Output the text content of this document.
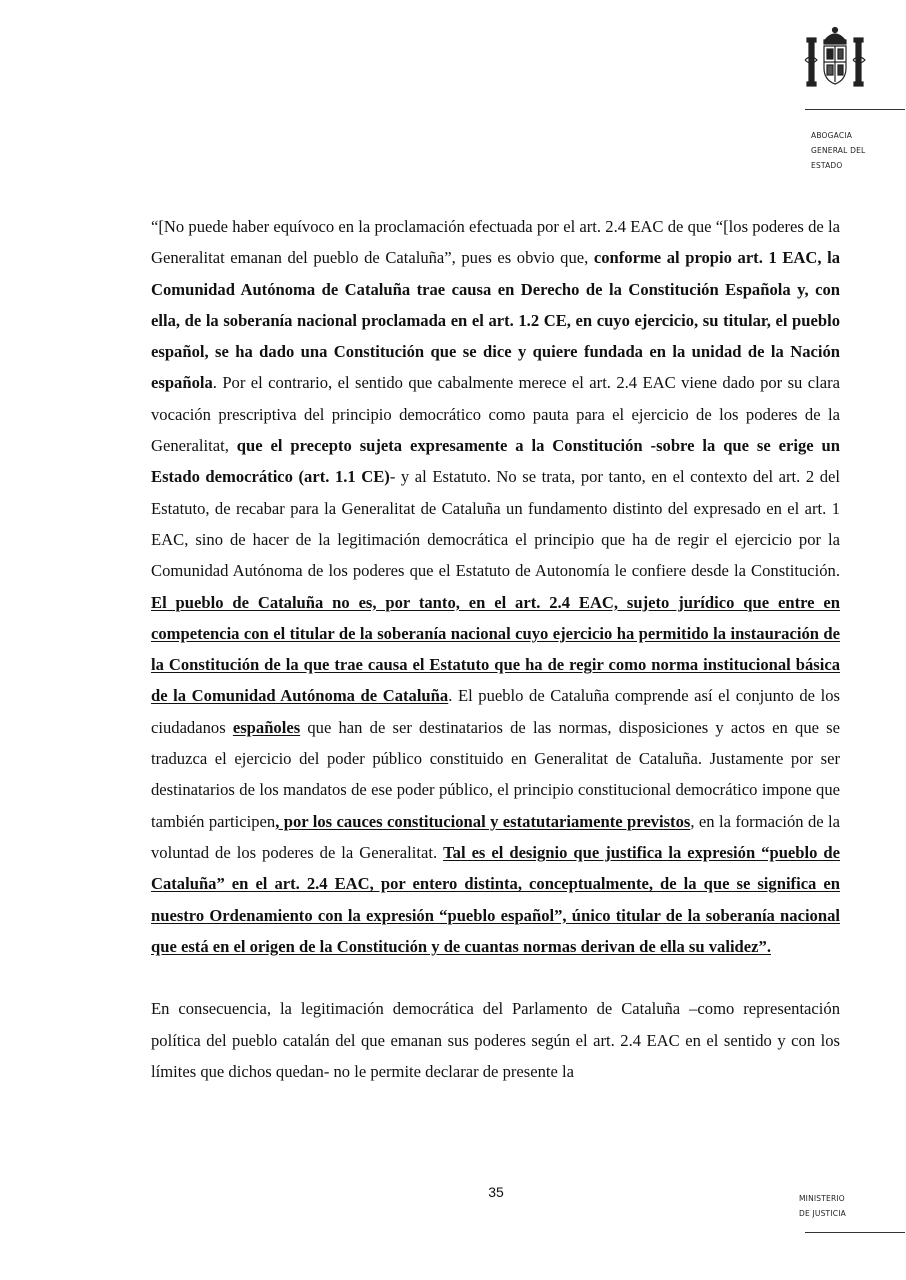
ABOGACIA
GENERAL DEL
ESTADO

“[No puede haber equívoco en la proclamación efectuada por el art. 2.4 EAC de que “[los poderes de la Generalitat emanan del pueblo de Cataluña”, pues es obvio que, conforme al propio art. 1 EAC, la Comunidad Autónoma de Cataluña trae causa en Derecho de la Constitución Española y, con ella, de la soberanía nacional proclamada en el art. 1.2 CE, en cuyo ejercicio, su titular, el pueblo español, se ha dado una Constitución que se dice y quiere fundada en la unidad de la Nación española. Por el contrario, el sentido que cabalmente merece el art. 2.4 EAC viene dado por su clara vocación prescriptiva del principio democrático como pauta para el ejercicio de los poderes de la Generalitat, que el precepto sujeta expresamente a la Constitución -sobre la que se erige un Estado democrático (art. 1.1 CE)- y al Estatuto. No se trata, por tanto, en el contexto del art. 2 del Estatuto, de recabar para la Generalitat de Cataluña un fundamento distinto del expresado en el art. 1 EAC, sino de hacer de la legitimación democrática el principio que ha de regir el ejercicio por la Comunidad Autónoma de los poderes que el Estatuto de Autonomía le confiere desde la Constitución. El pueblo de Cataluña no es, por tanto, en el art. 2.4 EAC, sujeto jurídico que entre en competencia con el titular de la soberanía nacional cuyo ejercicio ha permitido la instauración de la Constitución de la que trae causa el Estatuto que ha de regir como norma institucional básica de la Comunidad Autónoma de Cataluña. El pueblo de Cataluña comprende así el conjunto de los ciudadanos españoles que han de ser destinatarios de las normas, disposiciones y actos en que se traduzca el ejercicio del poder público constituido en Generalitat de Cataluña. Justamente por ser destinatarios de los mandatos de ese poder público, el principio constitucional democrático impone que también participen, por los cauces constitucional y estatutariamente previstos, en la formación de la voluntad de los poderes de la Generalitat. Tal es el designio que justifica la expresión “pueblo de Cataluña” en el art. 2.4 EAC, por entero distinta, conceptualmente, de la que se significa en nuestro Ordenamiento con la expresión “pueblo español”, único titular de la soberanía nacional que está en el origen de la Constitución y de cuantas normas derivan de ella su validez”.

En consecuencia, la legitimación democrática del Parlamento de Cataluña –como representación política del pueblo catalán del que emanan sus poderes según el art. 2.4 EAC en el sentido y con los límites que dichos quedan- no le permite declarar de presente la

35	MINISTERIO
DE JUSTICIA
